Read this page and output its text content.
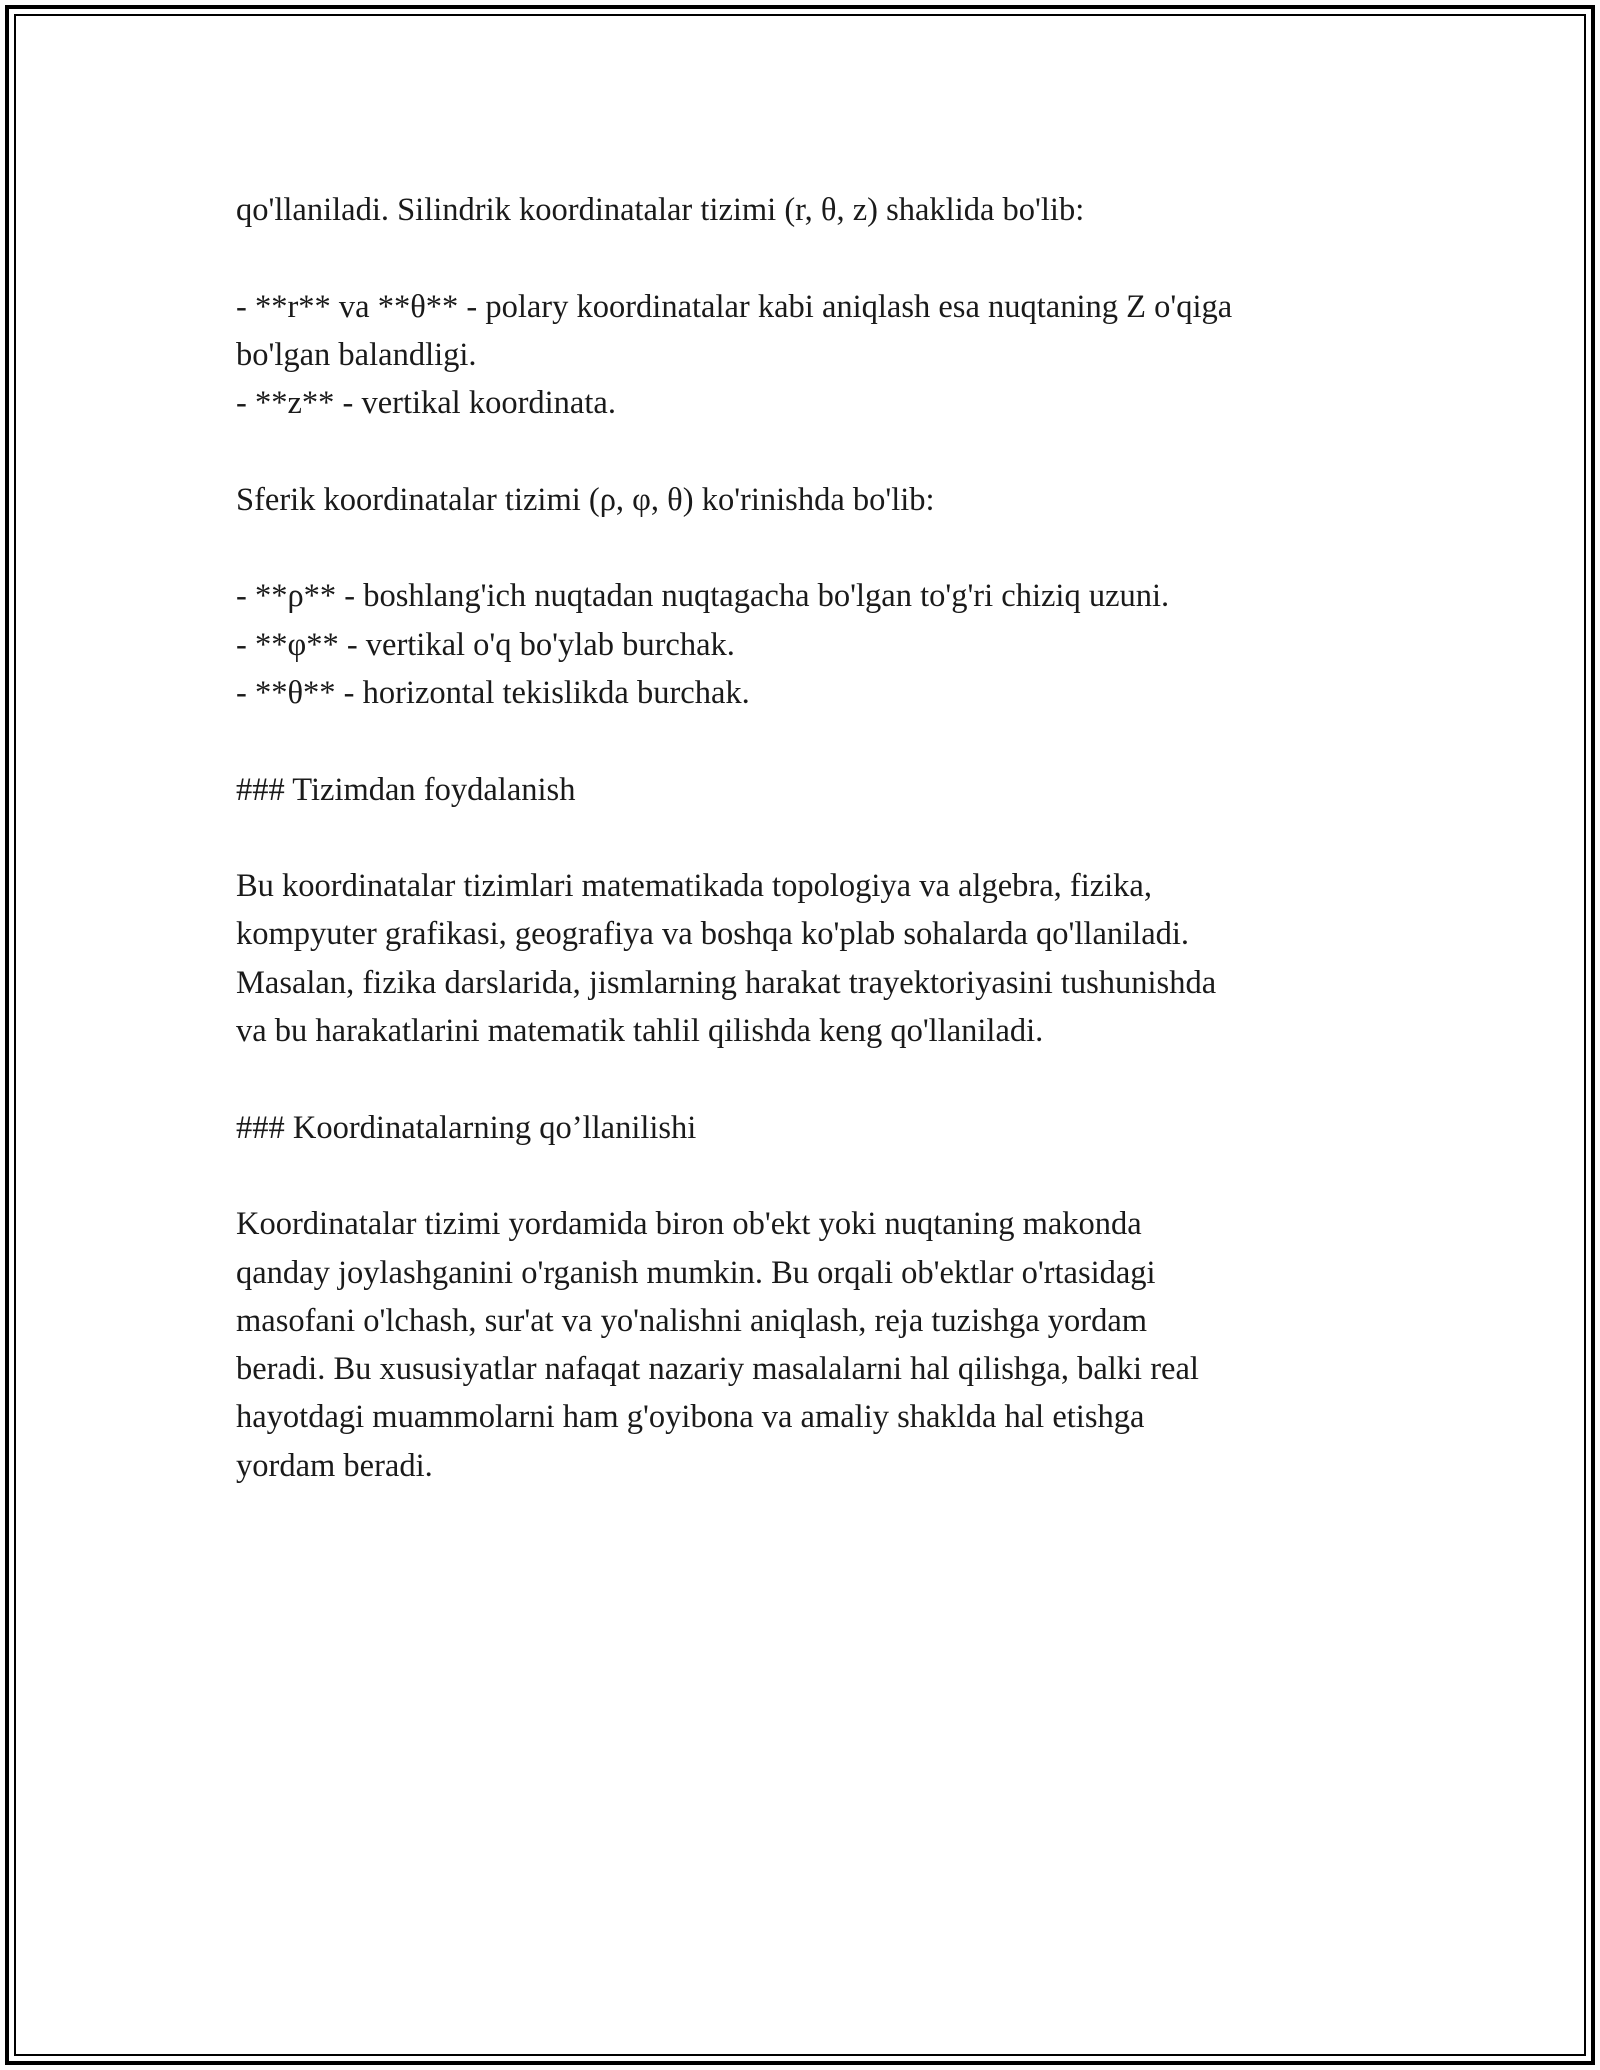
qo'llaniladi. Silindrik koordinatalar tizimi (r, θ, z) shaklida bo'lib:

- **r** va **θ** - polary koordinatalar kabi aniqlash esa nuqtaning Z o'qiga

bo'lgan balandligi.

- **z** - vertikal koordinata.

Sferik koordinatalar tizimi (ρ, φ, θ) ko'rinishda bo'lib:

- **ρ** - boshlang'ich nuqtadan nuqtagacha bo'lgan to'g'ri chiziq uzuni.

- **φ** - vertikal o'q bo'ylab burchak.

- **θ** - horizontal tekislikda burchak.

### Tizimdan foydalanish

Bu koordinatalar tizimlari matematikada topologiya va algebra, fizika,

kompyuter grafikasi, geografiya va boshqa ko'plab sohalarda qo'llaniladi.

Masalan, fizika darslarida, jismlarning harakat trayektoriyasini tushunishda

va bu harakatlarini matematik tahlil qilishda keng qo'llaniladi.

### Koordinatalarning qo’llanilishi

Koordinatalar tizimi yordamida biron ob'ekt yoki nuqtaning makonda

qanday joylashganini o'rganish mumkin. Bu orqali ob'ektlar o'rtasidagi

masofani o'lchash, sur'at va yo'nalishni aniqlash, reja tuzishga yordam

beradi. Bu xususiyatlar nafaqat nazariy masalalarni hal qilishga, balki real

hayotdagi muammolarni ham g'oyibona va amaliy shaklda hal etishga

yordam beradi.
